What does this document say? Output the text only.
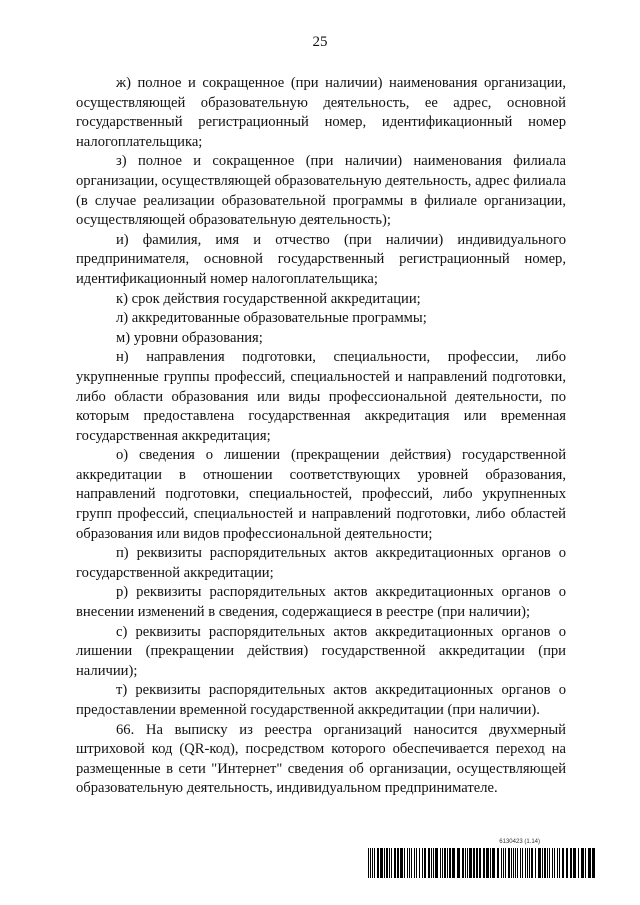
25

ж) полное и сокращенное (при наличии) наименования организации, осуществляющей образовательную деятельность, ее адрес, основной государственный регистрационный номер, идентификационный номер налогоплательщика;

з) полное и сокращенное (при наличии) наименования филиала организации, осуществляющей образовательную деятельность, адрес филиала (в случае реализации образовательной программы в филиале организации, осуществляющей образовательную деятельность);

и) фамилия, имя и отчество (при наличии) индивидуального предпринимателя, основной государственный регистрационный номер, идентификационный номер налогоплательщика;

к) срок действия государственной аккредитации;

л) аккредитованные образовательные программы;

м) уровни образования;

н) направления подготовки, специальности, профессии, либо укрупненные группы профессий, специальностей и направлений подготовки, либо области образования или виды профессиональной деятельности, по которым предоставлена государственная аккредитация или временная государственная аккредитация;

о) сведения о лишении (прекращении действия) государственной аккредитации в отношении соответствующих уровней образования, направлений подготовки, специальностей, профессий, либо укрупненных групп профессий, специальностей и направлений подготовки, либо областей образования или видов профессиональной деятельности;

п) реквизиты распорядительных актов аккредитационных органов о государственной аккредитации;

р) реквизиты распорядительных актов аккредитационных органов о внесении изменений в сведения, содержащиеся в реестре (при наличии);

с) реквизиты распорядительных актов аккредитационных органов о лишении (прекращении действия) государственной аккредитации (при наличии);

т) реквизиты распорядительных актов аккредитационных органов о предоставлении временной государственной аккредитации (при наличии).

66. На выписку из реестра организаций наносится двухмерный штриховой код (QR-код), посредством которого обеспечивается переход на размещенные в сети "Интернет" сведения об организации, осуществляющей образовательную деятельность, индивидуальном предпринимателе.

6130423 (1.14)
